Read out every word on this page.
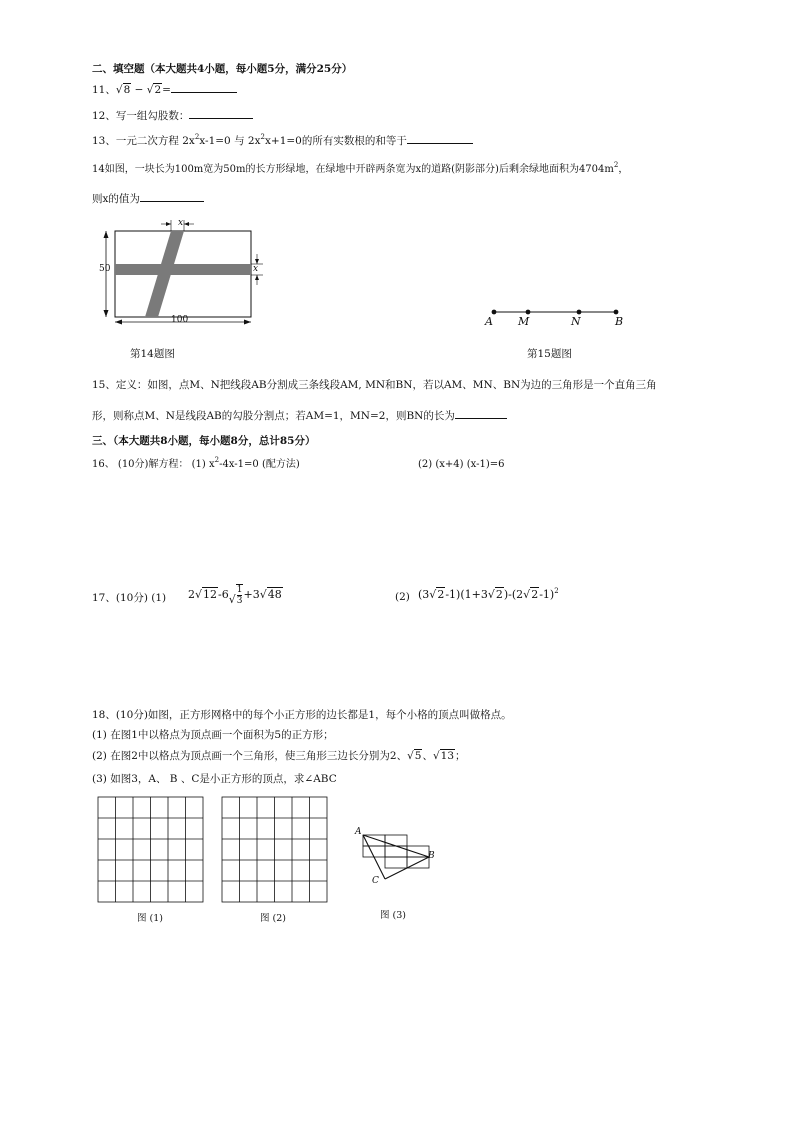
二、填空题（本大题共4小题，每小题5分，满分25分）
11、√8 − √2=
12、写一组勾股数：
13、一元二次方程 $2x^2x-1=0$ 与 $2x^2x+1=0$的所有实数根的和等于
14如图，一块长为100m宽为50m的长方形绿地，在绿地中开辟两条宽为x的道路(阴影部分)后剩余绿地面积为$4704m^2$，
则x的值为
50
100
x
x
第14题图
A M	N	B
第15题图
15、定义：如图，点M、N把线段AB分割成三条线段AM, MN和BN，若以AM、MN、BN为边的三角形是一个直角三角
形，则称点M、N是线段AB的勾股分割点；若AM=1，MN=2，则BN的长为
三、（本大题共8小题，每小题8分，总计85分）
16、 (10分)解方程： (1) $x^2-4x-1=0$ (配方法)	(2) (x+4) (x-1)=6
17、(10分) (1) $2√12-6√ \frac{1}{3} +3√48$	(2) $(3√2-1)(1+3√2)-(2√2-1)^2$
18、(10分)如图，正方形网格中的每个小正方形的边长都是1，每个小格的顶点叫做格点。
(1) 在图1中以格点为顶点画一个面积为5的正方形；
(2) 在图2中以格点为顶点画一个三角形，使三角形三边长分别为2、√5、√13；
(3) 如图3，A、 B 、C是小正方形的顶点，求∠ABC
图 (1)	图 (2)
A
B
C
图 (3)
